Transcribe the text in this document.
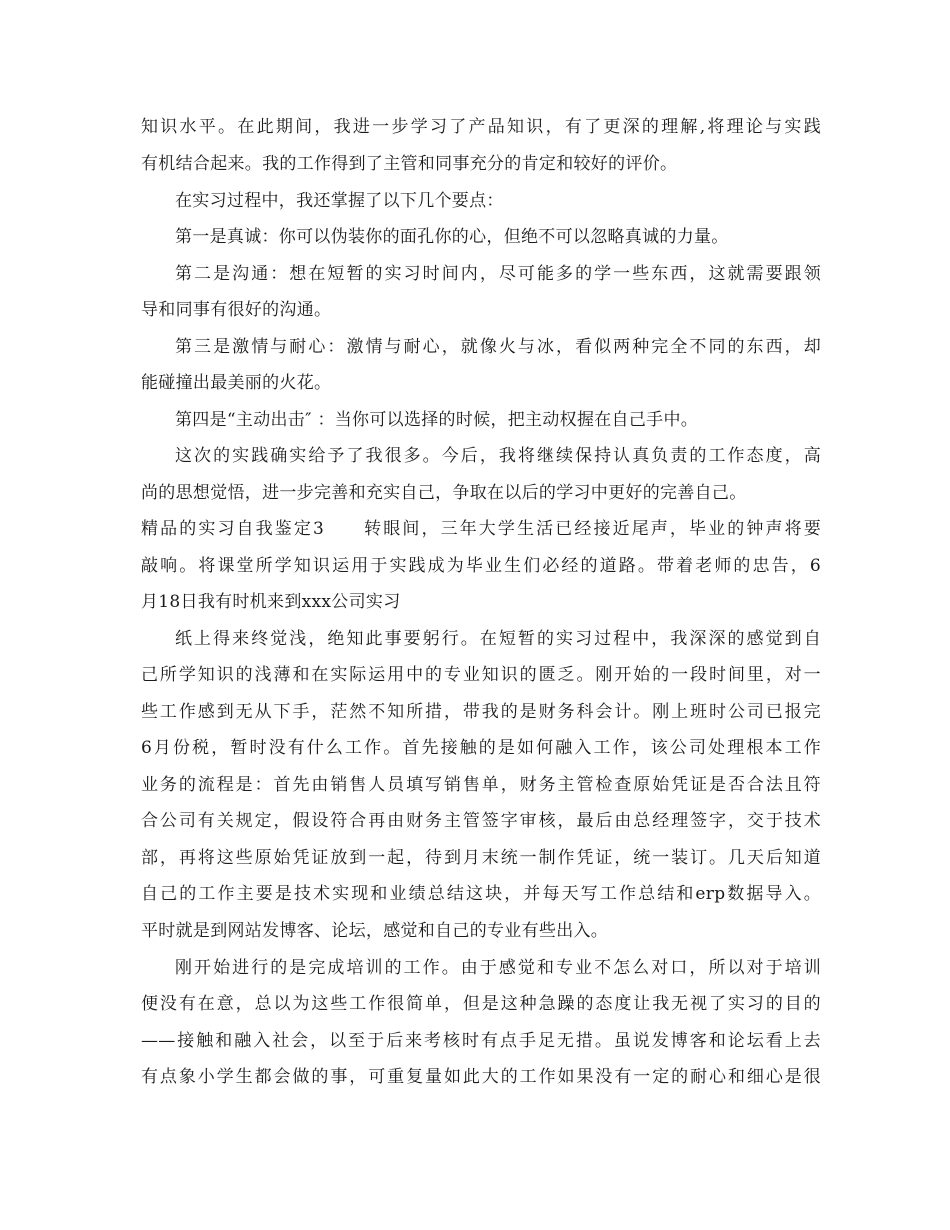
知识水平。在此期间，我进一步学习了产品知识，有了更深的理解,将理论与实践
有机结合起来。我的工作得到了主管和同事充分的肯定和较好的评价。
在实习过程中，我还掌握了以下几个要点：
第一是真诚：你可以伪装你的面孔你的心，但绝不可以忽略真诚的力量。
第二是沟通：想在短暂的实习时间内，尽可能多的学一些东西，这就需要跟领
导和同事有很好的沟通。
第三是激情与耐心：激情与耐心，就像火与冰，看似两种完全不同的东西，却
能碰撞出最美丽的火花。
第四是“主动出击″ ：当你可以选择的时候，把主动权握在自己手中。
这次的实践确实给予了我很多。今后，我将继续保持认真负责的工作态度，高
尚的思想觉悟，进一步完善和充实自己，争取在以后的学习中更好的完善自己。
精品的实习自我鉴定3　　转眼间，三年大学生活已经接近尾声，毕业的钟声将要
敲响。将课堂所学知识运用于实践成为毕业生们必经的道路。带着老师的忠告，6
月18日我有时机来到xxx公司实习
纸上得来终觉浅，绝知此事要躬行。在短暂的实习过程中，我深深的感觉到自
己所学知识的浅薄和在实际运用中的专业知识的匮乏。刚开始的一段时间里，对一
些工作感到无从下手，茫然不知所措，带我的是财务科会计。刚上班时公司已报完
6月份税，暂时没有什么工作。首先接触的是如何融入工作，该公司处理根本工作
业务的流程是：首先由销售人员填写销售单，财务主管检查原始凭证是否合法且符
合公司有关规定，假设符合再由财务主管签字审核，最后由总经理签字，交于技术
部，再将这些原始凭证放到一起，待到月末统一制作凭证，统一装订。几天后知道
自己的工作主要是技术实现和业绩总结这块，并每天写工作总结和erp数据导入。
平时就是到网站发博客、论坛，感觉和自己的专业有些出入。
刚开始进行的是完成培训的工作。由于感觉和专业不怎么对口，所以对于培训
便没有在意，总以为这些工作很简单，但是这种急躁的态度让我无视了实习的目的
——接触和融入社会，以至于后来考核时有点手足无措。虽说发博客和论坛看上去
有点象小学生都会做的事，可重复量如此大的工作如果没有一定的耐心和细心是很
